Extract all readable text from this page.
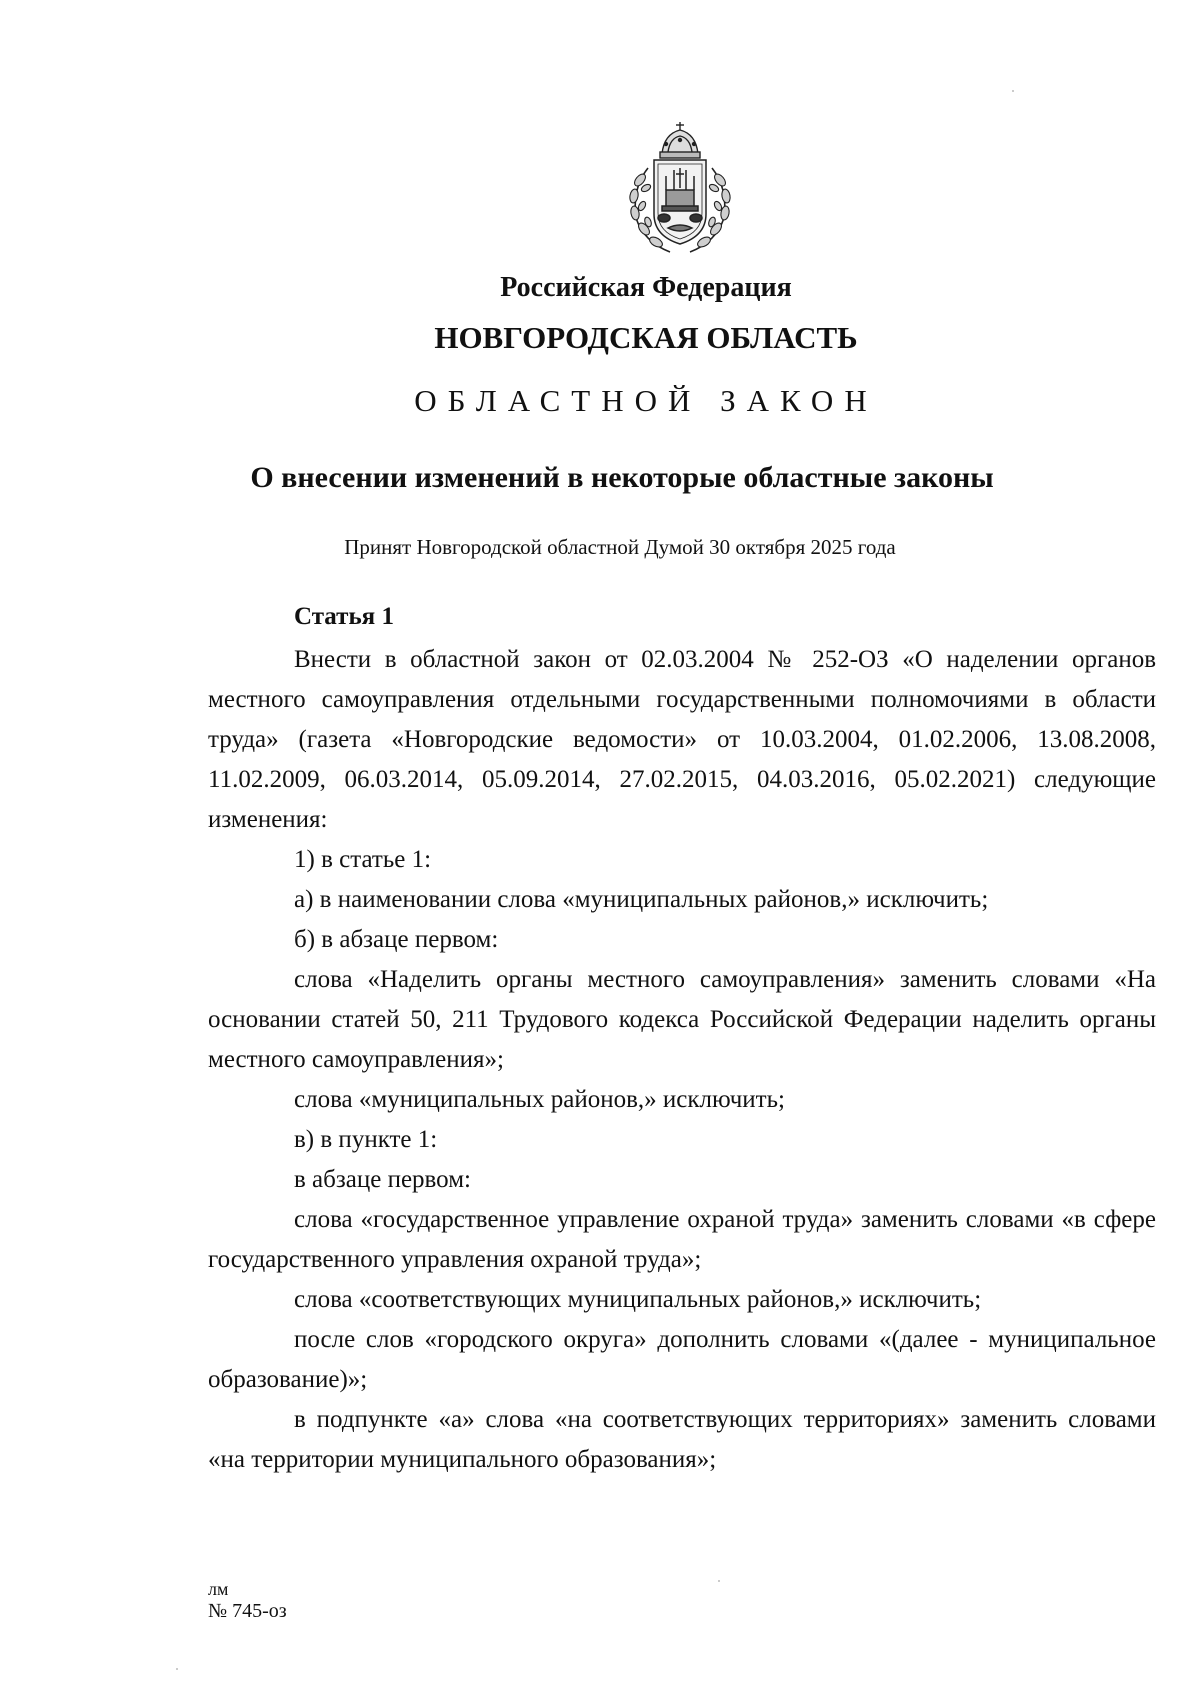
Российская Федерация
НОВГОРОДСКАЯ ОБЛАСТЬ
ОБЛАСТНОЙ ЗАКОН
О внесении изменений в некоторые областные законы
Принят Новгородской областной Думой 30 октября 2025 года

Статья 1

Внести в областной закон от 02.03.2004 № 252-ОЗ «О наделении органов местного самоуправления отдельными государственными полномочиями в области труда» (газета «Новгородские ведомости» от 10.03.2004, 01.02.2006, 13.08.2008, 11.02.2009, 06.03.2014, 05.09.2014, 27.02.2015, 04.03.2016, 05.02.2021) следующие изменения:

1) в статье 1:

а) в наименовании слова «муниципальных районов,» исключить;

б) в абзаце первом:

слова «Наделить органы местного самоуправления» заменить словами «На основании статей 50, 211 Трудового кодекса Российской Федерации наделить органы местного самоуправления»;

слова «муниципальных районов,» исключить;

в) в пункте 1:

в абзаце первом:

слова «государственное управление охраной труда» заменить словами «в сфере государственного управления охраной труда»;

слова «соответствующих муниципальных районов,» исключить;

после слов «городского округа» дополнить словами «(далее - муниципальное образование)»;

в подпункте «а» слова «на соответствующих территориях» заменить словами «на территории муниципального образования»;

лм
№ 745-оз
